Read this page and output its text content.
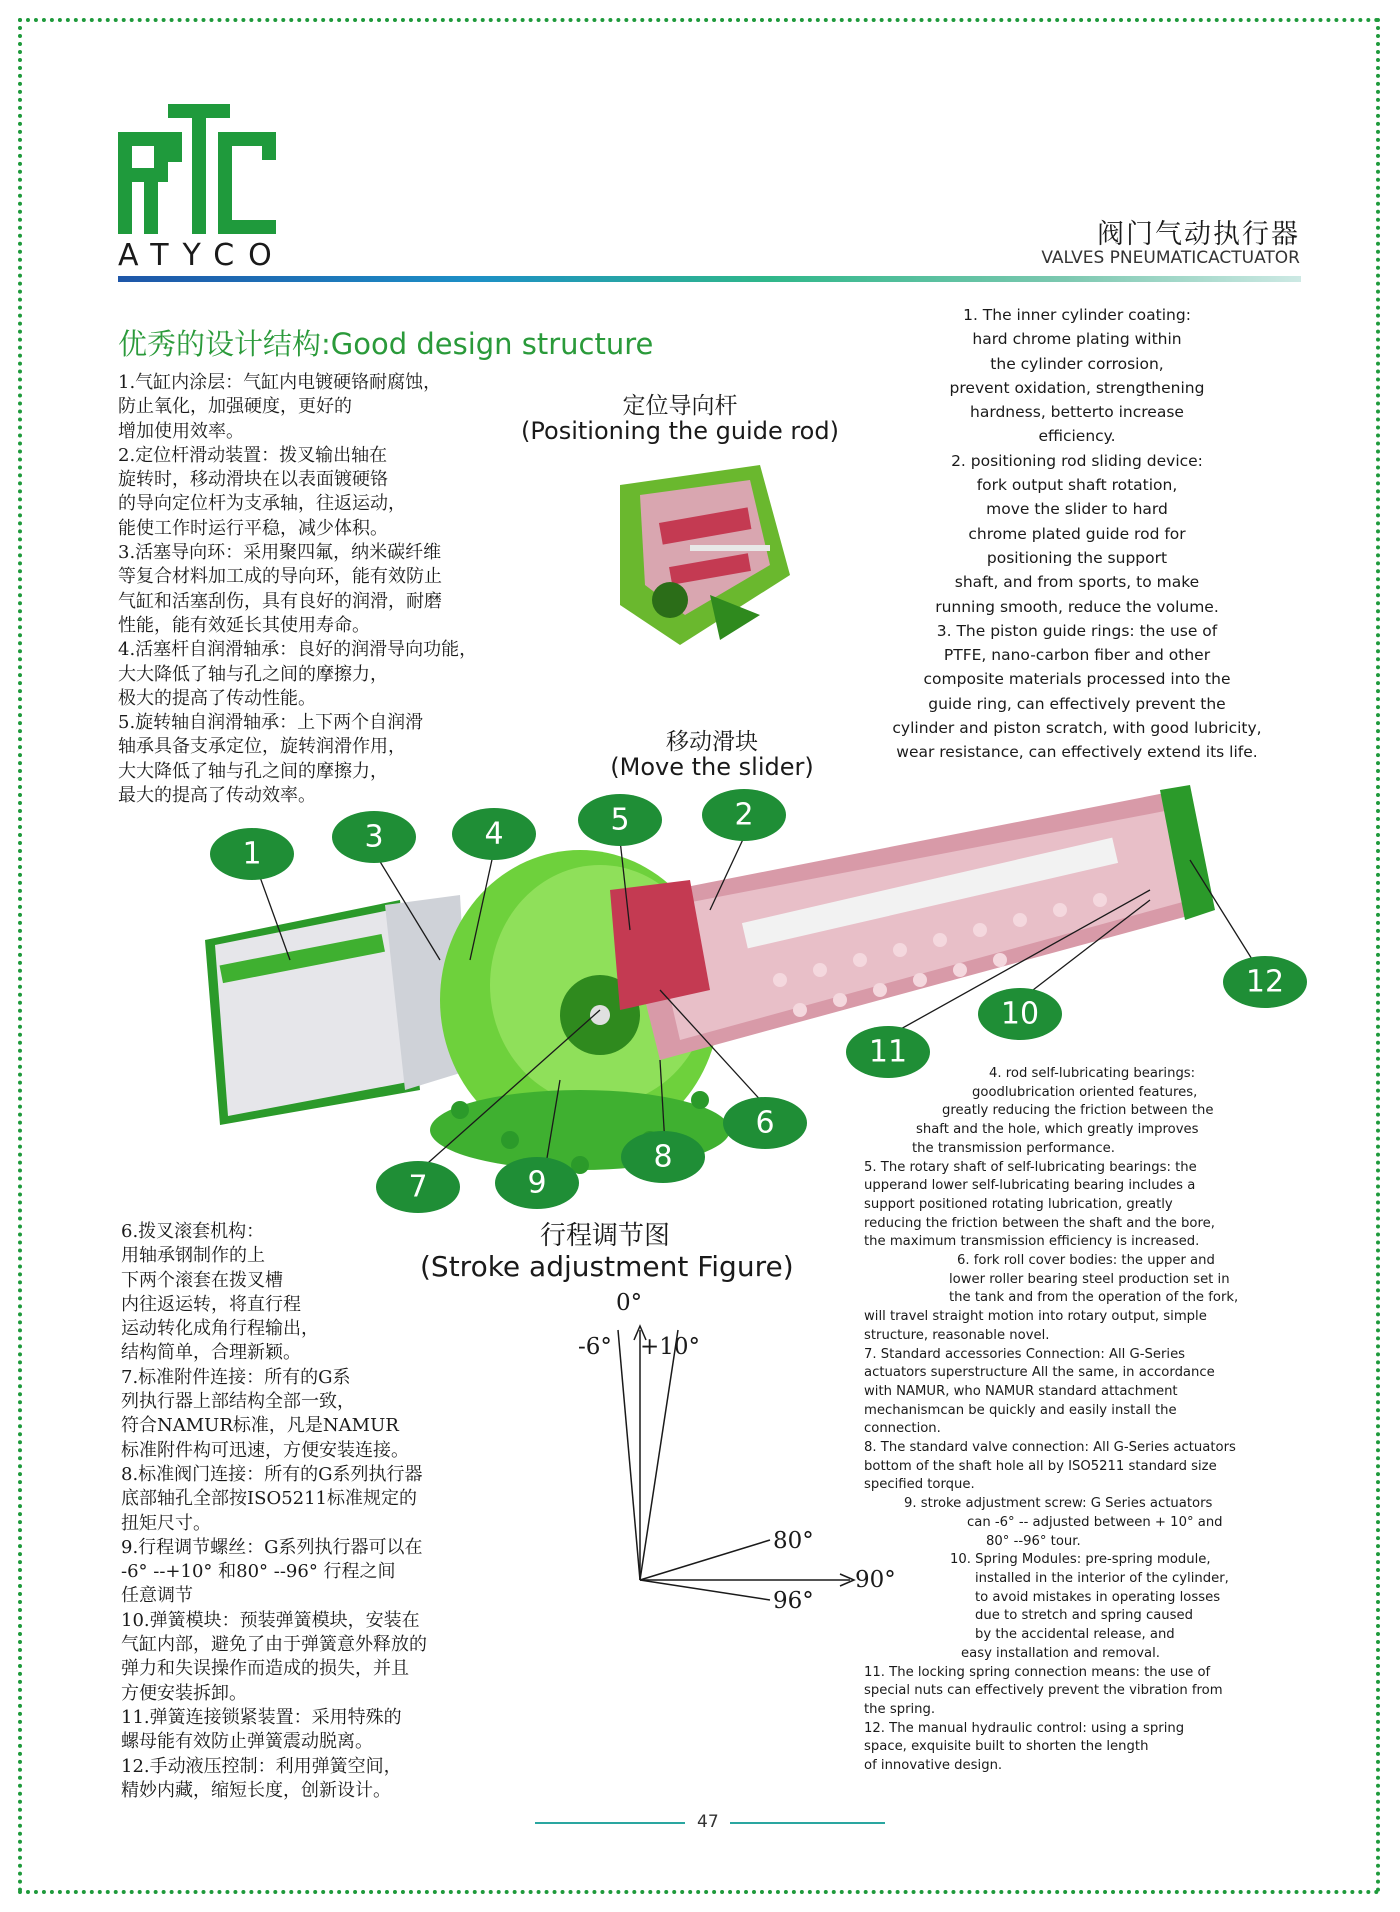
ATYCO
阀门气动执行器
VALVES PNEUMATICACTUATOR
优秀的设计结构:Good design structure
1.气缸内涂层：气缸内电镀硬铬耐腐蚀，
防止氧化，加强硬度，更好的
增加使用效率。
2.定位杆滑动装置：拨叉输出轴在
旋转时，移动滑块在以表面镀硬铬
的导向定位杆为支承轴，往返运动，
能使工作时运行平稳，减少体积。
3.活塞导向环：采用聚四氟，纳米碳纤维
等复合材料加工成的导向环，能有效防止
气缸和活塞刮伤，具有良好的润滑，耐磨
性能，能有效延长其使用寿命。
4.活塞杆自润滑轴承：良好的润滑导向功能，
大大降低了轴与孔之间的摩擦力，
极大的提高了传动性能。
5.旋转轴自润滑轴承：上下两个自润滑
轴承具备支承定位，旋转润滑作用，
大大降低了轴与孔之间的摩擦力，
最大的提高了传动效率。
1. The inner cylinder coating:
hard chrome plating within
the cylinder corrosion,
prevent oxidation, strengthening
hardness, betterto increase
efficiency.
2. positioning rod sliding device:
fork output shaft rotation,
move the slider to hard
chrome plated guide rod for
positioning the support
shaft, and from sports, to make
running smooth, reduce the volume.
3. The piston guide rings: the use of
PTFE, nano-carbon fiber and other
composite materials processed into the
guide ring, can effectively prevent the
cylinder and piston scratch, with good lubricity,
wear resistance, can effectively extend its life.
定位导向杆
(Positioning the guide rod)
移动滑块
(Move the slider)
1	3	4	5	2
12
10
11
6
8
9
7
6.拨叉滚套机构：
用轴承钢制作的上
下两个滚套在拨叉槽
内往返运转，将直行程
运动转化成角行程输出，
结构简单，合理新颖。
7.标准附件连接：所有的G系
列执行器上部结构全部一致，
符合NAMUR标准，凡是NAMUR
标准附件构可迅速，方便安装连接。
8.标准阀门连接：所有的G系列执行器
底部轴孔全部按ISO5211标准规定的
扭矩尺寸。
9.行程调节螺丝：G系列执行器可以在
-6° --+10° 和80° --96° 行程之间
任意调节
10.弹簧模块：预装弹簧模块，安装在
气缸内部，避免了由于弹簧意外释放的
弹力和失误操作而造成的损失，并且
方便安装拆卸。
11.弹簧连接锁紧装置：采用特殊的
螺母能有效防止弹簧震动脱离。
12.手动液压控制：利用弹簧空间，
精妙内藏，缩短长度，创新设计。
行程调节图
(Stroke adjustment Figure)
0°
-6° +10°
80°
90°
96°
4. rod self-lubricating bearings:
goodlubrication oriented features,
greatly reducing the friction between the
shaft and the hole, which greatly improves
the transmission performance.
5. The rotary shaft of self-lubricating bearings: the
upperand lower self-lubricating bearing includes a
support positioned rotating lubrication, greatly
reducing the friction between the shaft and the bore,
the maximum transmission efficiency is increased.
6. fork roll cover bodies: the upper and
lower roller bearing steel production set in
the tank and from the operation of the fork,
will travel straight motion into rotary output, simple
structure, reasonable novel.
7. Standard accessories Connection: All G-Series
actuators superstructure All the same, in accordance
with NAMUR, who NAMUR standard attachment
mechanismcan be quickly and easily install the
connection.
8. The standard valve connection: All G-Series actuators
bottom of the shaft hole all by ISO5211 standard size
specified torque.
9. stroke adjustment screw: G Series actuators
can -6° -- adjusted between + 10° and
80° --96° tour.
10. Spring Modules: pre-spring module,
installed in the interior of the cylinder,
to avoid mistakes in operating losses
due to stretch and spring caused
by the accidental release, and
easy installation and removal.
11. The locking spring connection means: the use of
special nuts can effectively prevent the vibration from
the spring.
12. The manual hydraulic control: using a spring
space, exquisite built to shorten the length
of innovative design.
47
